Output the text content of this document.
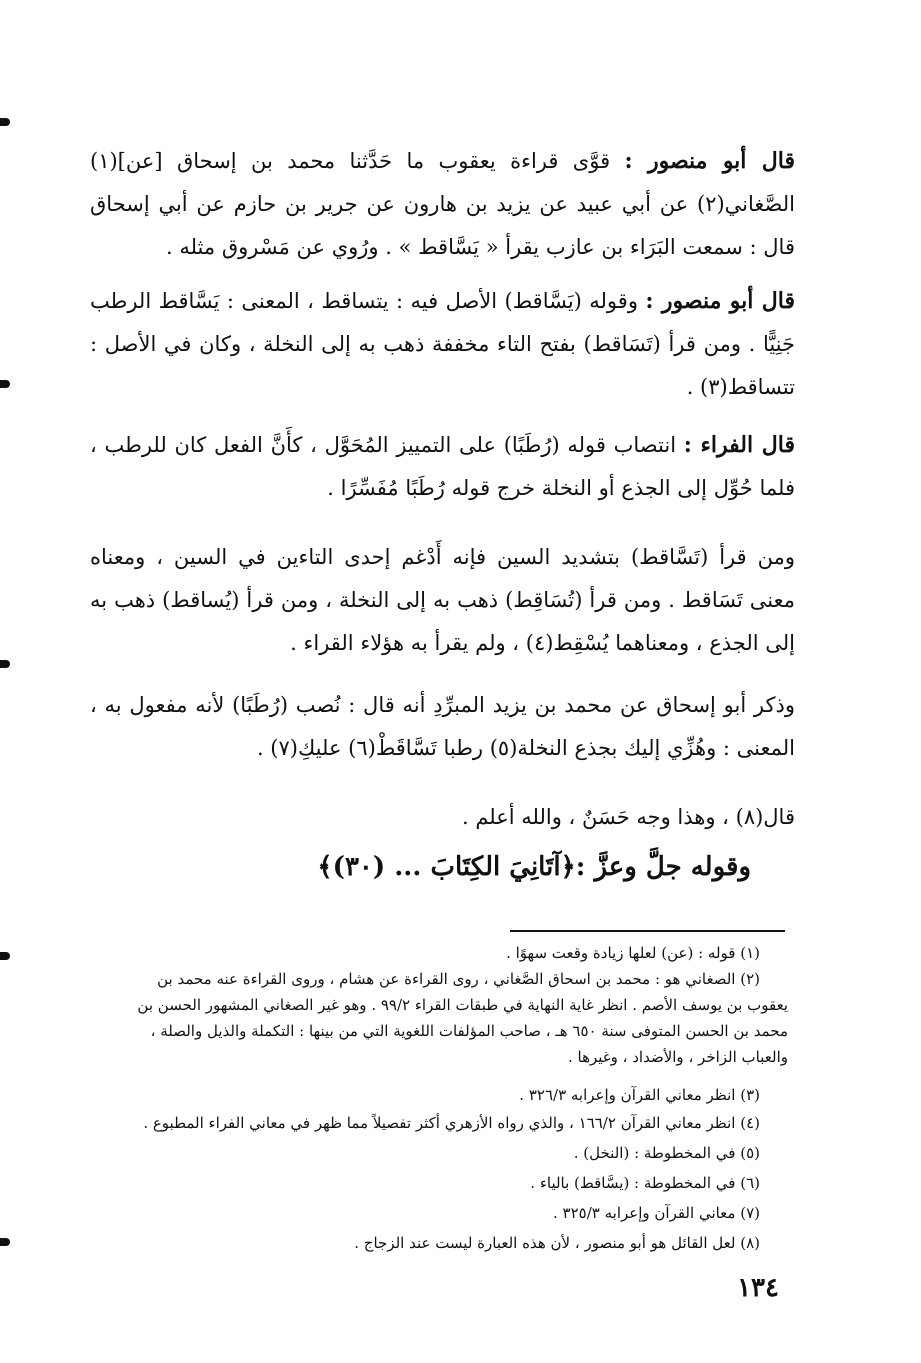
قال أبو منصور : قوَّى قراءة يعقوب ما حَدَّثنا محمد بن إسحاق [عن](١) الصَّغاني(٢) عن أبي عبيد عن يزيد بن هارون عن جرير بن حازم عن أبي إسحاق قال : سمعت البَرَاء بن عازب يقرأ « يَسَّاقط » . ورُوي عن مَسْروق مثله .
قال أبو منصور : وقوله (يَسَّاقط) الأصل فيه : يتساقط ، المعنى : يَسَّاقط الرطب جَنِيًّا . ومن قرأ (تَسَاقط) بفتح التاء مخففة ذهب به إلى النخلة ، وكان في الأصل : تتساقط(٣) .
قال الفراء : انتصاب قوله (رُطَبًا) على التمييز المُحَوَّل ، كأَنَّ الفعل كان للرطب ، فلما حُوِّل إلى الجذع أو النخلة خرج قوله رُطَبًا مُفَسِّرًا .
ومن قرأ (تَسَّاقط) بتشديد السين فإنه أَدْغم إحدى التاءين في السين ، ومعناه معنى تَسَاقط . ومن قرأ (تُسَاقِط) ذهب به إلى النخلة ، ومن قرأ (يُساقط) ذهب به إلى الجذع ، ومعناهما يُسْقِط(٤) ، ولم يقرأ به هؤلاء القراء .
وذكر أبو إسحاق عن محمد بن يزيد المبرِّدِ أنه قال : نُصب (رُطَبًا) لأنه مفعول به ، المعنى : وهُزِّي إليك بجذع النخلة(٥) رطبا تَسَّاقَطْ(٦) عليكِ(٧) .
قال(٨) ، وهذا وجه حَسَنٌ ، والله أعلم .
وقوله جلَّ وعزَّ :﴿آتَانِيَ الكِتَابَ ... (٣٠)﴾
(١) قوله : (عن) لعلها زيادة وقعت سهوًا .
(٢) الصغاني هو : محمد بن اسحاق الصَّغاني ، روى القراءة عن هشام ، وروى القراءة عنه محمد بن
يعقوب بن يوسف الأصم . انظر غاية النهاية في طبقات القراء ٩٩/٢ . وهو غير الصغاني المشهور الحسن بن
محمد بن الحسن المتوفى سنة ٦٥٠ هـ ، صاحب المؤلفات اللغوية التي من بينها : التكملة والذيل والصلة ،
والعباب الزاخر ، والأضداد ، وغيرها .
(٣) انظر معاني القرآن وإعرابه ٣٢٦/٣ .
(٤) انظر معاني القرآن ١٦٦/٢ ، والذي رواه الأزهري أكثر تفصيلاً مما ظهر في معاني الفراء المطبوع .
(٥) في المخطوطة : (النخل) .
(٦) في المخطوطة : (يسَّاقط) بالياء .
(٧) معاني القرآن وإعرابه ٣٢٥/٣ .
(٨) لعل القائل هو أبو منصور ، لأن هذه العبارة ليست عند الزجاج .
١٣٤
